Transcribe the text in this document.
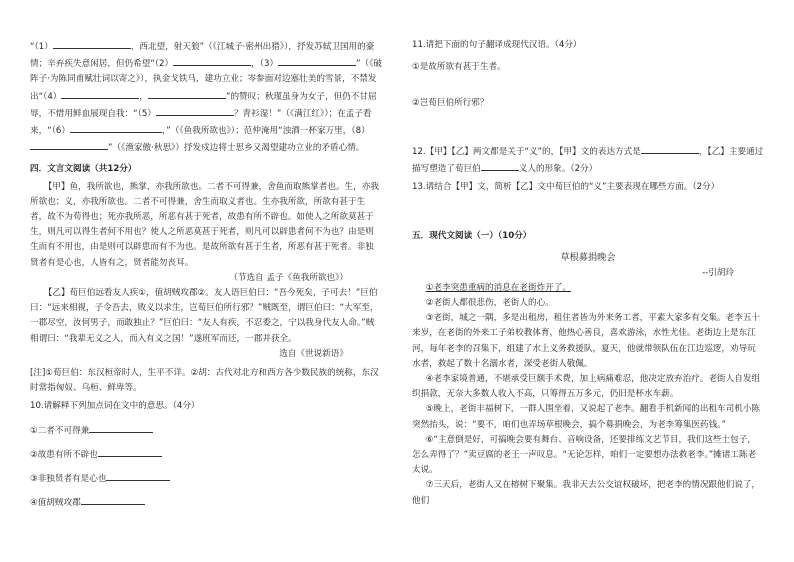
“（1）	，西北望，射天狼”（《江城子·密州出猎》），抒发苏轼卫国用的豪情；辛弃疾失意闲居，但仍希望“（2）	，（3）	”（《破阵子·为陈同甫赋壮词以寄之》），执金戈铁马，建功立业；岑参面对边塞壮美的雪景，不禁发出“（4）	，	”的赞叹；秋瑾虽身为女子，但仍不甘屈辱，不惜用鲜血展现自我：“（5）	？青衫湿！”（《满江红》）；在孟子看来，“（6）	，”（《鱼我所欲也》）；范仲淹用“浊酒一杯家万里，（8）”（《渔家傲·秋思》）抒发戍边将士思乡又渴望建功立业的矛盾心情。

四．文言文阅读（共12分）

【甲】鱼，我所欲也，熊掌，亦我所欲也。二者不可得兼，舍鱼而取熊掌者也。生，亦我所欲也；义，亦我所欲也。二者不可得兼，舍生而取义者也。生亦我所欲，所欲有甚于生者，故不为苟得也；死亦我所恶，所恶有甚于死者，故患有所不辟也。如使人之所欲莫甚于生，则凡可以得生者何不用也？使人之所恶莫甚于死者，则凡可以辟患者何不为也？由是则生而有不用也，由是则可以辟患而有不为也。是故所欲有甚于生者，所恶有甚于死者。非独贤者有是心也，人皆有之，贤者能勿丧耳。

（节选自 孟子《鱼我所欲也》）

【乙】荀巨伯远看友人疾①，值胡贼攻郡②。友人语巨伯曰：“吾今死矣，子可去！”巨伯曰：“远来相视，子令吾去，败义以求生，岂荀巨伯所行邪？”贼既至，谓巨伯曰：“大军至，一郡尽空，汝何男子，而敢独止？”巨伯曰：“友人有疾，不忍委之，宁以我身代友人命。”贼相谓曰：“我辈无义之人，而入有义之国！”遂班军而还，一郡并获全。

选自《世说新语》

[注]①荀巨伯：东汉桓帝时人，生平不详。②胡：古代对北方和西方各少数民族的统称，东汉时常指匈奴、乌桓、鲜卑等。

10.请解释下列加点词在文中的意思。（4分）

①二者不可得兼

②故患有所不辟也

③非独贤者有是心也

④值胡贼攻郡

11.请把下面的句子翻译成现代汉语。（4分）

①是故所欲有甚于生者。

②岂荀巨伯所行邪？

12.【甲】【乙】两文都是关于“义”的，【甲】文的表达方式是	，【乙】主要通过描写塑造了荀巨伯	义人的形象。（2分）

13.请结合【甲】文，简析【乙】文中荀巨伯的“义”主要表现在哪些方面。（2分）

五．现代文阅读（一）（10分）

草根募捐晚会

--引胡玲

①老李突患重病的消息在老街炸开了。

②老街人都很悲伤，老街人的心。

③老街，城之一隅，多是出租房，租住者皆为外来务工者，平素大家多有交集。老李五十来岁，在老街的外来工子弟校教体育，他热心善良，喜欢游泳，水性尤佳。老街边上是东江河，每年老李的召集下，组建了水上义务救援队，夏天，他就带领队伍在江边巡逻，劝导玩水者，救起了数十名溺水者，深受老街人敬佩。

④老李家境普通，不堪承受巨额手术费，加上病痛难忍，他决定放弃治疗。老街人自发组织捐款，无奈大多数人收入不高，只筹得五万多元，仍旧是杯水车薪。

⑤晚上，老街丰福树下，一群人围坐着，又说起了老李。翻看手机新闻的出租车司机小陈突然抬头，说：“要不，咱们也弄场草根晚会，搞个募捐晚会，为老李筹集医药钱。”

⑥“主意倒是好，可搞晚会要有舞台、音响设备，还要排练文艺节目，我们这些土包子，怎么弄得了？”卖豆腐的老王一声叹息。“无论怎样，咱们一定要想办法救老李。”摊诸工陈老太说。

⑦三天后，老街人又在榕树下聚集。我非天去公交谊权破坏，把老李的情况跟他们说了，他们
